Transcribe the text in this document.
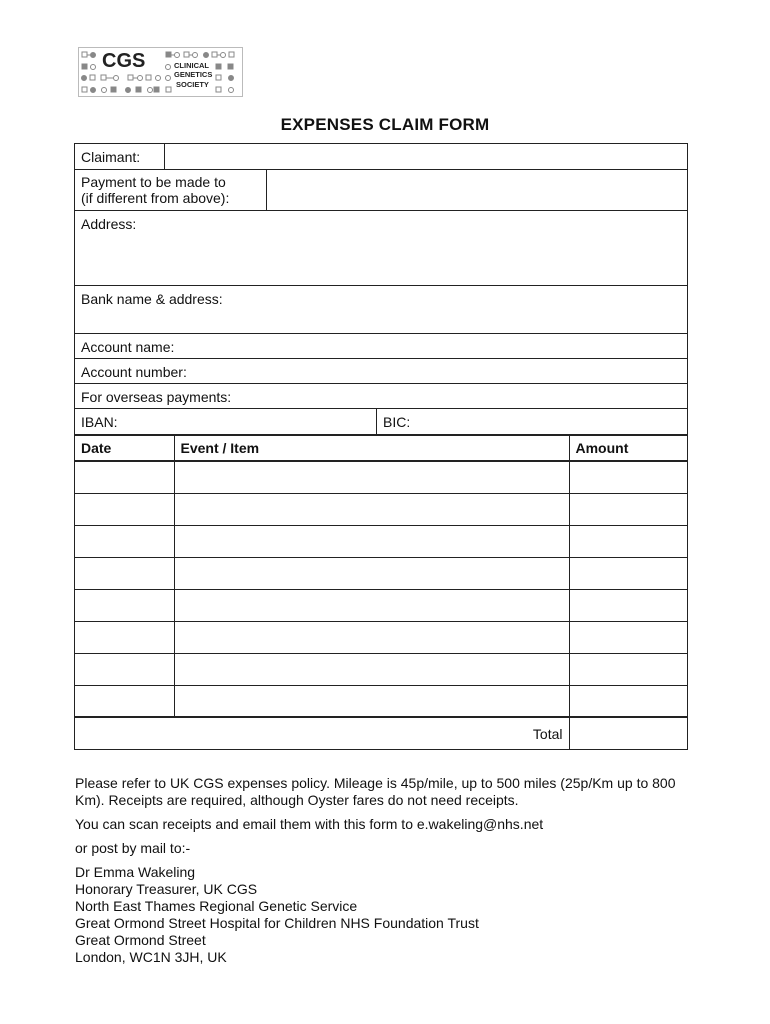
CGS	CLINICAL
GENETICS
SOCIETY
EXPENSES CLAIM FORM
Claimant:
Payment to be made to
(if different from above):
Address:
Bank name & address:
Account name:
Account number:
For overseas payments:
IBAN:	BIC:
Date	Event / Item	Amount

Total		

Please refer to UK CGS expenses policy. Mileage is 45p/mile, up to 500 miles (25p/Km up to 800 Km). Receipts are required, although Oyster fares do not need receipts.

You can scan receipts and email them with this form to e.wakeling@nhs.net

or post by mail to:-

Dr Emma Wakeling
Honorary Treasurer, UK CGS
North East Thames Regional Genetic Service
Great Ormond Street Hospital for Children NHS Foundation Trust
Great Ormond Street
London, WC1N 3JH, UK
